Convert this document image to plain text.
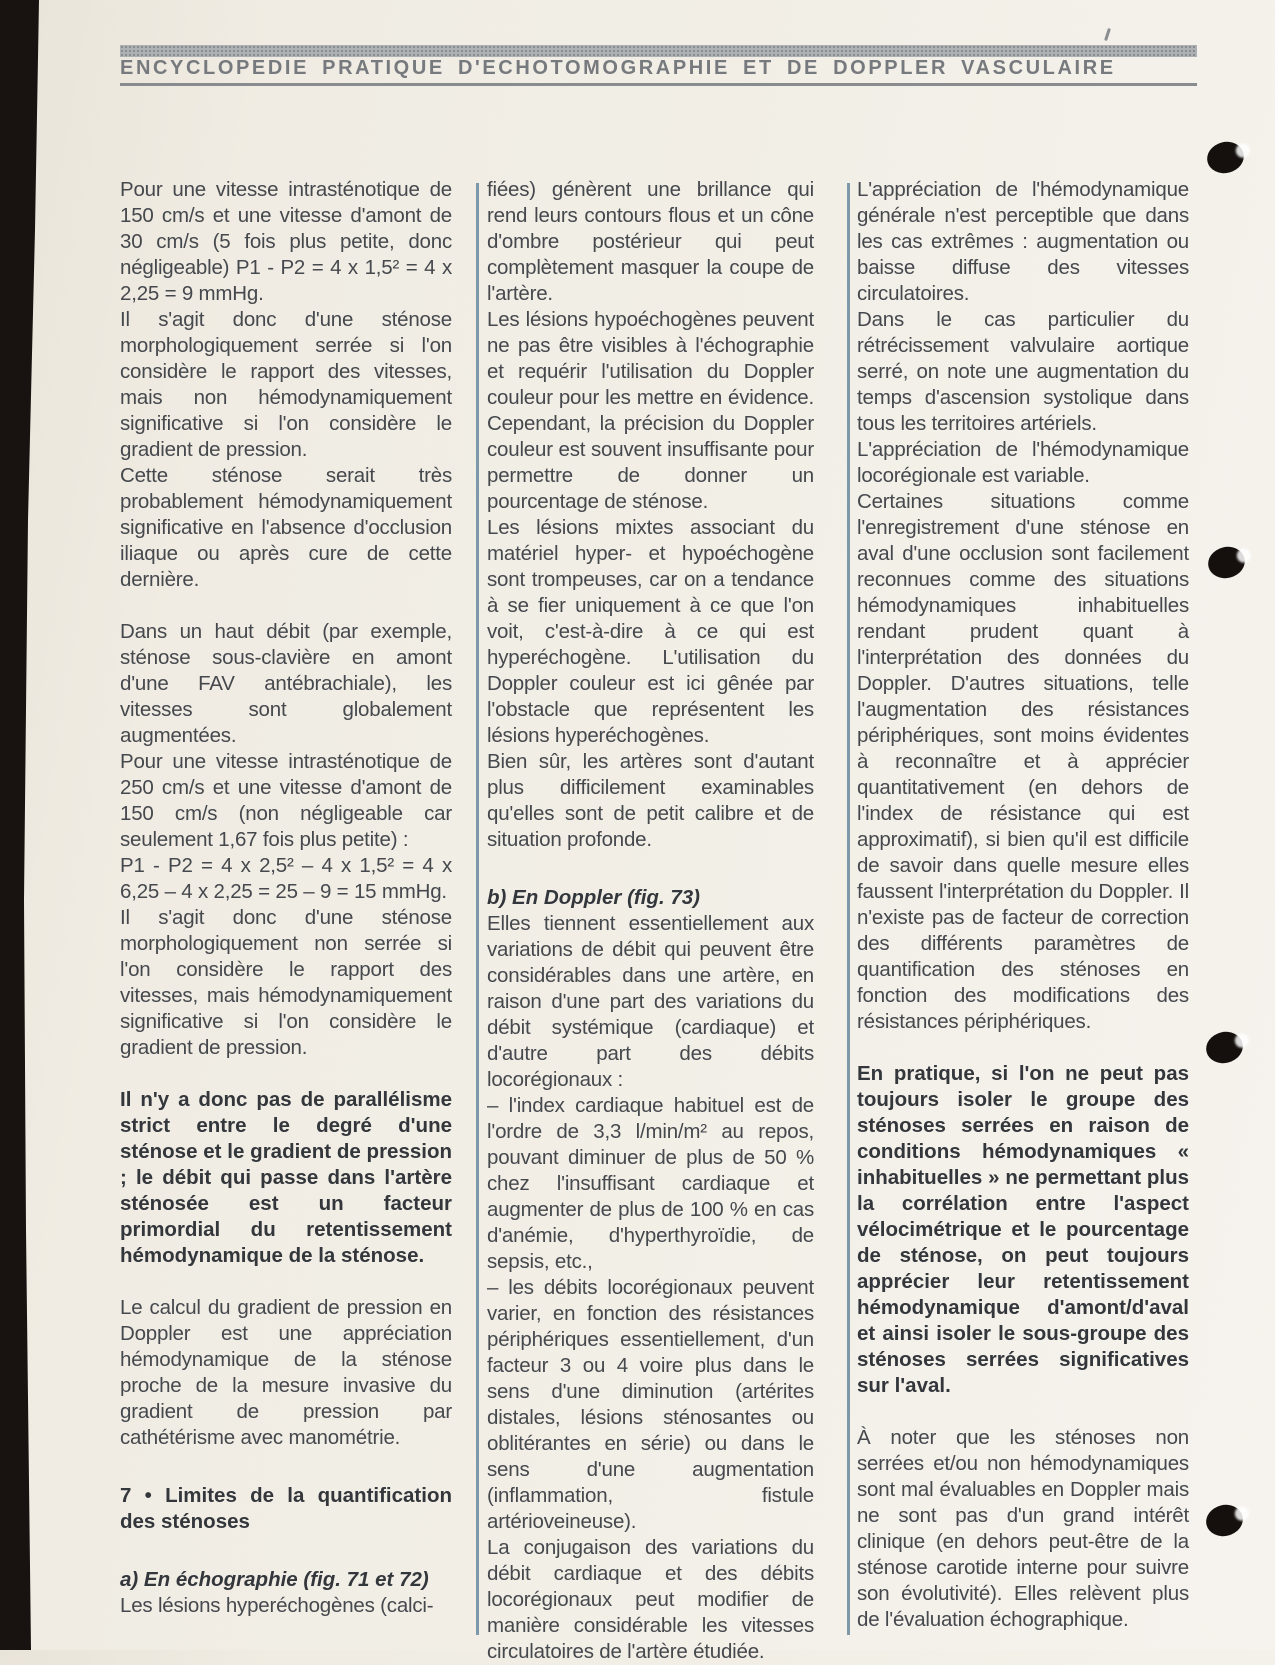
ENCYCLOPEDIE PRATIQUE D'ECHOTOMOGRAPHIE ET DE DOPPLER VASCULAIRE

Pour une vitesse intrasténotique de 150 cm/s et une vitesse d'amont de 30 cm/s (5 fois plus petite, donc négligeable) P1 - P2 = 4 x 1,5² = 4 x 2,25 = 9 mmHg.

Il s'agit donc d'une sténose morphologiquement serrée si l'on considère le rapport des vitesses, mais non hémodynamiquement significative si l'on considère le gradient de pression.

Cette sténose serait très probablement hémodynamiquement significative en l'absence d'occlusion iliaque ou après cure de cette dernière.

Dans un haut débit (par exemple, sténose sous-clavière en amont d'une FAV antébrachiale), les vitesses sont globalement augmentées.

Pour une vitesse intrasténotique de 250 cm/s et une vitesse d'amont de 150 cm/s (non négligeable car seulement 1,67 fois plus petite) :

P1 - P2 = 4 x 2,5² – 4 x 1,5² = 4 x 6,25 – 4 x 2,25 = 25 – 9 = 15 mmHg.

Il s'agit donc d'une sténose morphologiquement non serrée si l'on considère le rapport des vitesses, mais hémodynamiquement significative si l'on considère le gradient de pression.

Il n'y a donc pas de parallélisme strict entre le degré d'une sténose et le gradient de pression ; le débit qui passe dans l'artère sténosée est un facteur primordial du retentissement hémodynamique de la sténose.

Le calcul du gradient de pression en Doppler est une appréciation hémodynamique de la sténose proche de la mesure invasive du gradient de pression par cathétérisme avec manométrie.

7 • Limites de la quantification des sténoses

a) En échographie (fig. 71 et 72)

Les lésions hyperéchogènes (calci-

fiées) génèrent une brillance qui rend leurs contours flous et un cône d'ombre postérieur qui peut complètement masquer la coupe de l'artère.

Les lésions hypoéchogènes peuvent ne pas être visibles à l'échographie et requérir l'utilisation du Doppler couleur pour les mettre en évidence. Cependant, la précision du Doppler couleur est souvent insuffisante pour permettre de donner un pourcentage de sténose.

Les lésions mixtes associant du matériel hyper- et hypoéchogène sont trompeuses, car on a tendance à se fier uniquement à ce que l'on voit, c'est-à-dire à ce qui est hyperéchogène. L'utilisation du Doppler couleur est ici gênée par l'obstacle que représentent les lésions hyperéchogènes.

Bien sûr, les artères sont d'autant plus difficilement examinables qu'elles sont de petit calibre et de situation profonde.

b) En Doppler (fig. 73)

Elles tiennent essentiellement aux variations de débit qui peuvent être considérables dans une artère, en raison d'une part des variations du débit systémique (cardiaque) et d'autre part des débits locorégionaux :

– l'index cardiaque habituel est de l'ordre de 3,3 l/min/m² au repos, pouvant diminuer de plus de 50 % chez l'insuffisant cardiaque et augmenter de plus de 100 % en cas d'anémie, d'hyperthyroïdie, de sepsis, etc.,

– les débits locorégionaux peuvent varier, en fonction des résistances périphériques essentiellement, d'un facteur 3 ou 4 voire plus dans le sens d'une diminution (artérites distales, lésions sténosantes ou oblitérantes en série) ou dans le sens d'une augmentation (inflammation, fistule artérioveineuse).

La conjugaison des variations du débit cardiaque et des débits locorégionaux peut modifier de manière considérable les vitesses circulatoires de l'artère étudiée.

L'appréciation de l'hémodynamique générale n'est perceptible que dans les cas extrêmes : augmentation ou baisse diffuse des vitesses circulatoires.

Dans le cas particulier du rétrécissement valvulaire aortique serré, on note une augmentation du temps d'ascension systolique dans tous les territoires artériels.

L'appréciation de l'hémodynamique locorégionale est variable.

Certaines situations comme l'enregistrement d'une sténose en aval d'une occlusion sont facilement reconnues comme des situations hémodynamiques inhabituelles rendant prudent quant à l'interprétation des données du Doppler. D'autres situations, telle l'augmentation des résistances périphériques, sont moins évidentes à reconnaître et à apprécier quantitativement (en dehors de l'index de résistance qui est approximatif), si bien qu'il est difficile de savoir dans quelle mesure elles faussent l'interprétation du Doppler. Il n'existe pas de facteur de correction des différents paramètres de quantification des sténoses en fonction des modifications des résistances périphériques.

En pratique, si l'on ne peut pas toujours isoler le groupe des sténoses serrées en raison de conditions hémodynamiques « inhabituelles » ne permettant plus la corrélation entre l'aspect vélocimétrique et le pourcentage de sténose, on peut toujours apprécier leur retentissement hémodynamique d'amont/d'aval et ainsi isoler le sous-groupe des sténoses serrées significatives sur l'aval.

À noter que les sténoses non serrées et/ou non hémodynamiques sont mal évaluables en Doppler mais ne sont pas d'un grand intérêt clinique (en dehors peut-être de la sténose carotide interne pour suivre son évolutivité). Elles relèvent plus de l'évaluation échographique.
